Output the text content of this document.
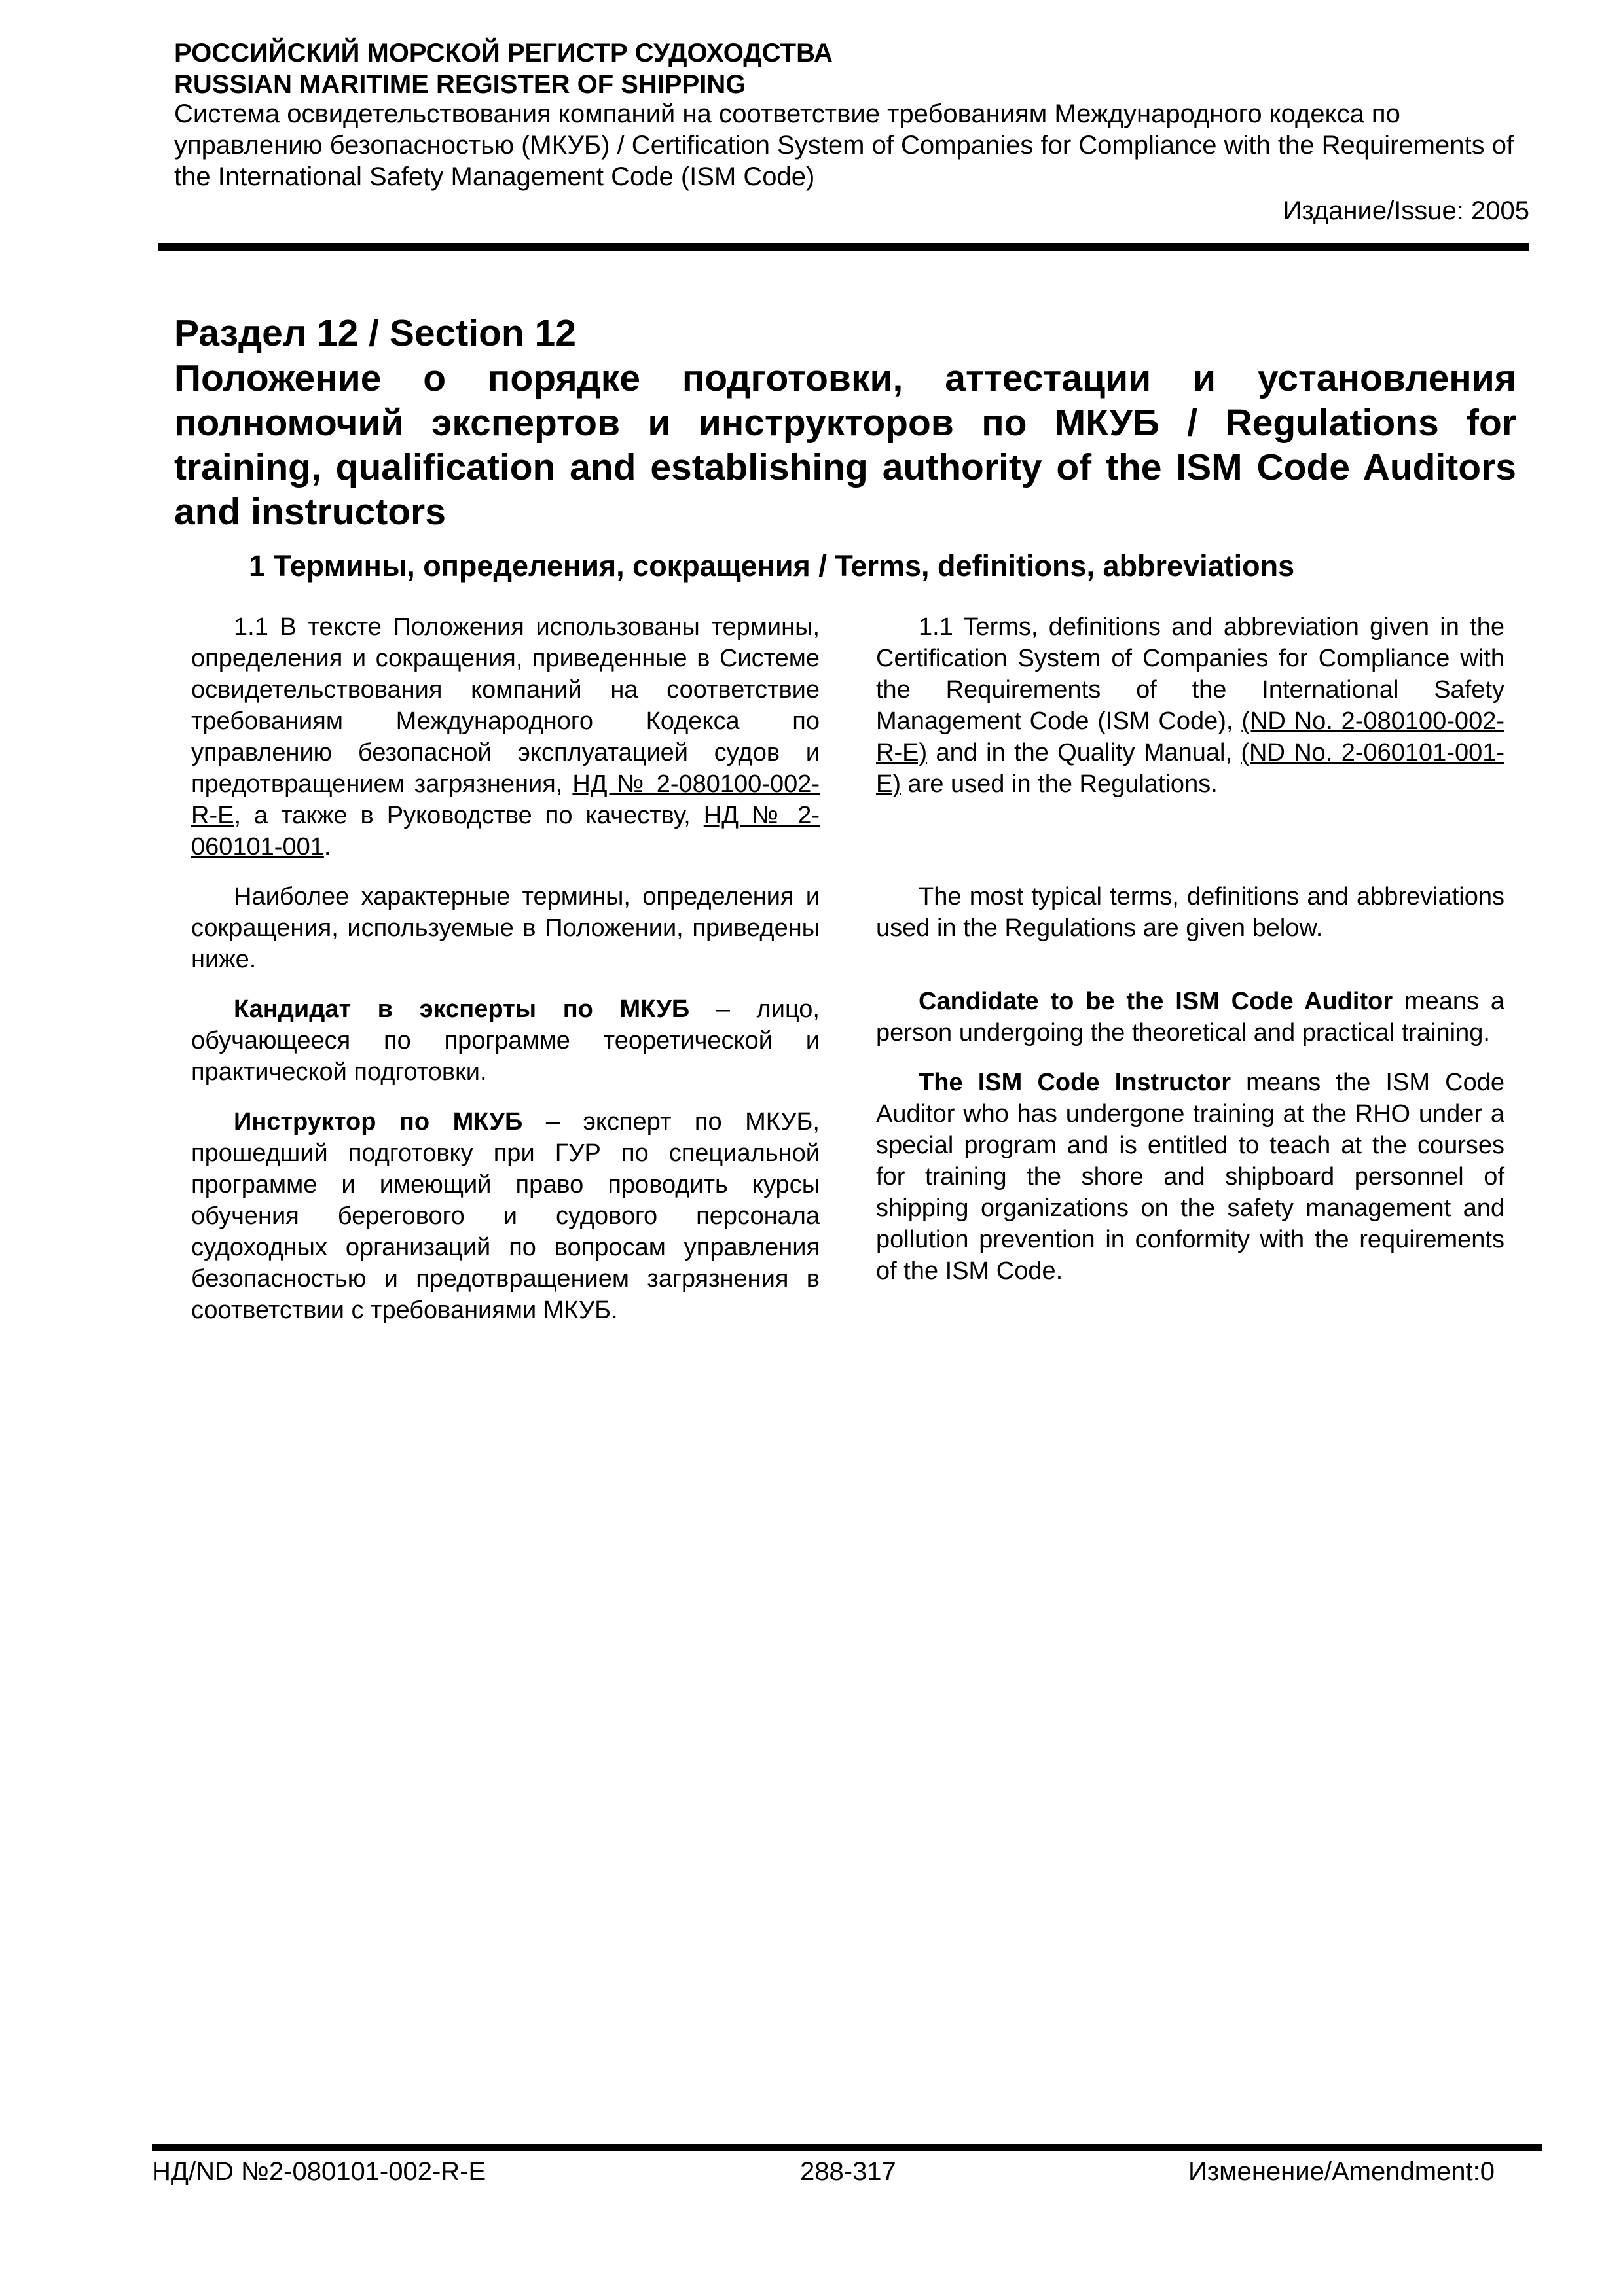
РОССИЙСКИЙ МОРСКОЙ РЕГИСТР СУДОХОДСТВА
RUSSIAN MARITIME REGISTER OF SHIPPING
Система освидетельствования компаний на соответствие требованиям Международного кодекса по управлению безопасностью (МКУБ) / Certification System of Companies for Compliance with the Requirements of the International Safety Management Code (ISM Code)
Издание/Issue: 2005
Раздел 12 / Section 12
Положение о порядке подготовки, аттестации и установления полномочий экспертов и инструкторов по МКУБ / Regulations for training, qualification and establishing authority of the ISM Code Auditors and instructors
1 Термины, определения, сокращения / Terms, definitions, abbreviations

1.1 В тексте Положения использованы термины, определения и сокращения, приведенные в Системе освидетельствования компаний на соответствие требованиям Международного Кодекса по управлению безопасной эксплуатацией судов и предотвращением загрязнения, НД № 2-080100-002-R-E, а также в Руководстве по качеству, НД № 2-060101-001.

Наиболее характерные термины, определения и сокращения, используемые в Положении, приведены ниже.

Кандидат в эксперты по МКУБ – лицо, обучающееся по программе теоретической и практической подготовки.

Инструктор по МКУБ – эксперт по МКУБ, прошедший подготовку при ГУР по специальной программе и имеющий право проводить курсы обучения берегового и судового персонала судоходных организаций по вопросам управления безопасностью и предотвращением загрязнения в соответствии с требованиями МКУБ.

1.1 Terms, definitions and abbreviation given in the Certification System of Companies for Compliance with the Requirements of the International Safety Management Code (ISM Code), (ND No. 2-080100-002-R-E) and in the Quality Manual, (ND No. 2-060101-001-E) are used in the Regulations.

The most typical terms, definitions and abbreviations used in the Regulations are given below.

Candidate to be the ISM Code Auditor means a person undergoing the theoretical and practical training.

The ISM Code Instructor means the ISM Code Auditor who has undergone training at the RHO under a special program and is entitled to teach at the courses for training the shore and shipboard personnel of shipping organizations on the safety management and pollution prevention in conformity with the requirements of the ISM Code.

НД/ND №2-080101-002-R-E	288-317	Изменение/Amendment:0
